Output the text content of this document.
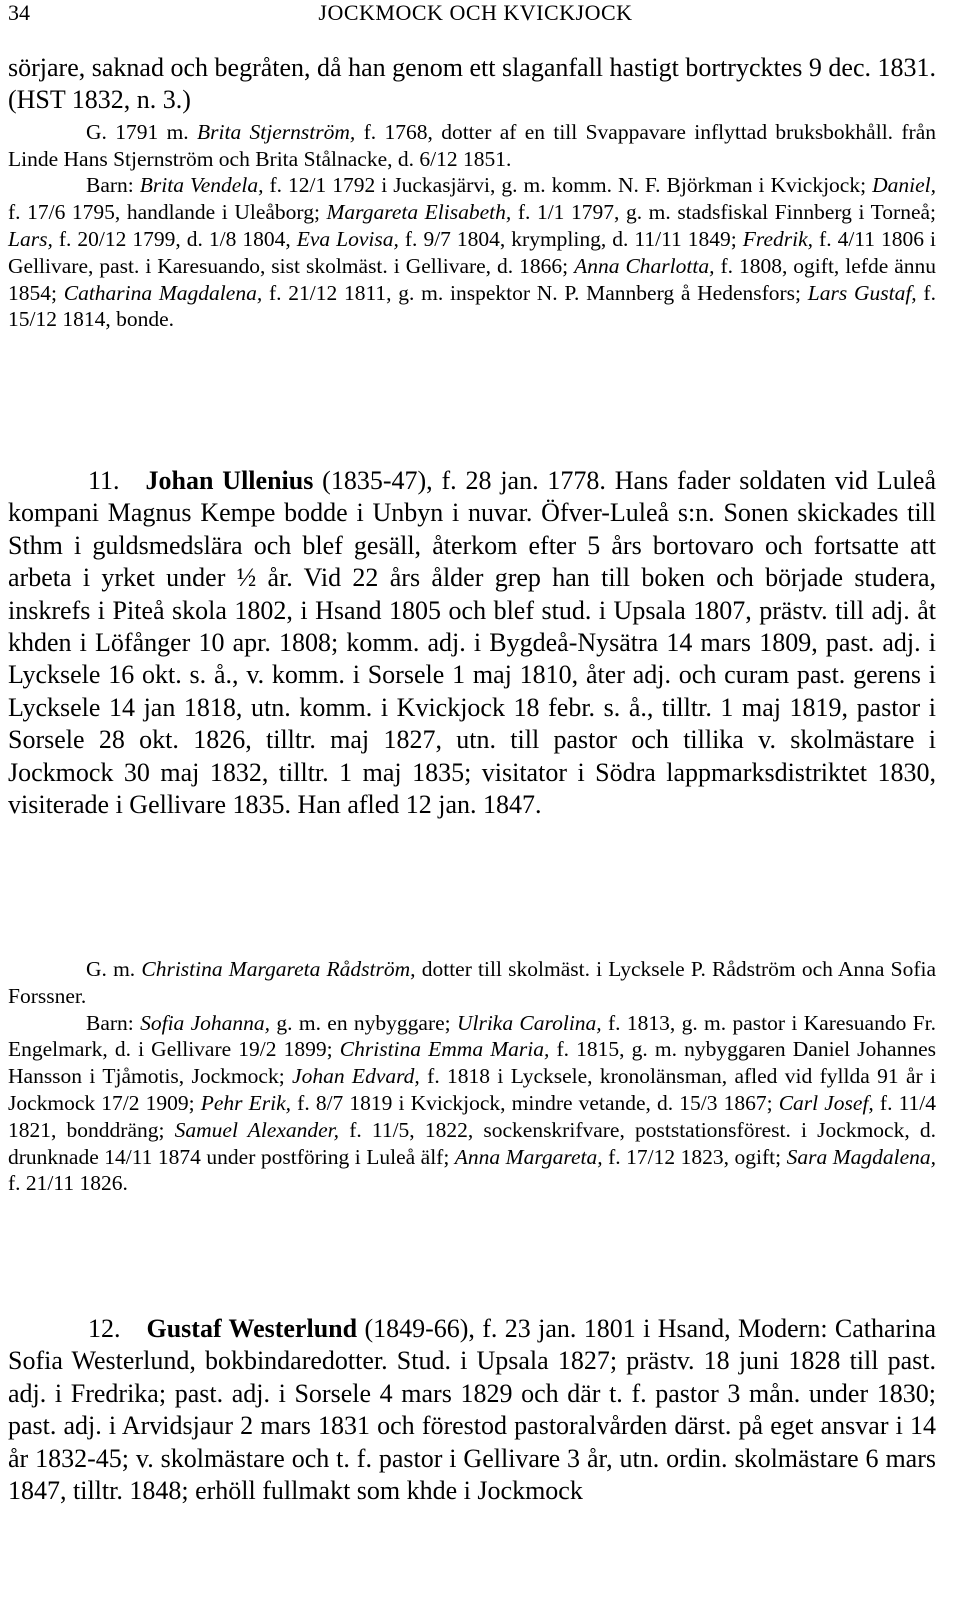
34	JOCKMOCK OCH KVICKJOCK

sörjare, saknad och begråten, då han genom ett slaganfall hastigt bortrycktes 9 dec. 1831. (HST 1832, n. 3.)

G. 1791 m. Brita Stjernström, f. 1768, dotter af en till Svappavare inflyttad bruksbokhåll. från Linde Hans Stjernström och Brita Stålnacke, d. 6/12 1851.

Barn: Brita Vendela, f. 12/1 1792 i Juckasjärvi, g. m. komm. N. F. Björkman i Kvickjock; Daniel, f. 17/6 1795, handlande i Uleåborg; Margareta Elisabeth, f. 1/1 1797, g. m. stadsfiskal Finnberg i Torneå; Lars, f. 20/12 1799, d. 1/8 1804, Eva Lovisa, f. 9/7 1804, krympling, d. 11/11 1849; Fredrik, f. 4/11 1806 i Gellivare, past. i Karesuando, sist skolmäst. i Gellivare, d. 1866; Anna Charlotta, f. 1808, ogift, lefde ännu 1854; Catharina Magdalena, f. 21/12 1811, g. m. inspektor N. P. Mannberg å Hedensfors; Lars Gustaf, f. 15/12 1814, bonde.

11. Johan Ullenius (1835-47), f. 28 jan. 1778. Hans fader soldaten vid Luleå kompani Magnus Kempe bodde i Unbyn i nuvar. Öfver-Luleå s:n. Sonen skickades till Sthm i guldsmedslära och blef gesäll, återkom efter 5 års bortovaro och fortsatte att arbeta i yrket under ½ år. Vid 22 års ålder grep han till boken och började studera, inskrefs i Piteå skola 1802, i Hsand 1805 och blef stud. i Upsala 1807, prästv. till adj. åt khden i Löfånger 10 apr. 1808; komm. adj. i Bygdeå-Nysätra 14 mars 1809, past. adj. i Lycksele 16 okt. s. å., v. komm. i Sorsele 1 maj 1810, åter adj. och curam past. gerens i Lycksele 14 jan 1818, utn. komm. i Kvickjock 18 febr. s. å., tilltr. 1 maj 1819, pastor i Sorsele 28 okt. 1826, tilltr. maj 1827, utn. till pastor och tillika v. skolmästare i Jockmock 30 maj 1832, tilltr. 1 maj 1835; visitator i Södra lappmarksdistriktet 1830, visiterade i Gellivare 1835. Han afled 12 jan. 1847.

G. m. Christina Margareta Rådström, dotter till skolmäst. i Lycksele P. Rådström och Anna Sofia Forssner.

Barn: Sofia Johanna, g. m. en nybyggare; Ulrika Carolina, f. 1813, g. m. pastor i Karesuando Fr. Engelmark, d. i Gellivare 19/2 1899; Christina Emma Maria, f. 1815, g. m. nybyggaren Daniel Johannes Hansson i Tjåmotis, Jockmock; Johan Edvard, f. 1818 i Lycksele, kronolänsman, afled vid fyllda 91 år i Jockmock 17/2 1909; Pehr Erik, f. 8/7 1819 i Kvickjock, mindre vetande, d. 15/3 1867; Carl Josef, f. 11/4 1821, bonddräng; Samuel Alexander, f. 11/5, 1822, sockenskrifvare, poststationsförest. i Jockmock, d. drunknade 14/11 1874 under postföring i Luleå älf; Anna Margareta, f. 17/12 1823, ogift; Sara Magdalena, f. 21/11 1826.

12. Gustaf Westerlund (1849-66), f. 23 jan. 1801 i Hsand, Modern: Catharina Sofia Westerlund, bokbindaredotter. Stud. i Upsala 1827; prästv. 18 juni 1828 till past. adj. i Fredrika; past. adj. i Sorsele 4 mars 1829 och där t. f. pastor 3 mån. under 1830; past. adj. i Arvidsjaur 2 mars 1831 och förestod pastoralvården därst. på eget ansvar i 14 år 1832-45; v. skolmästare och t. f. pastor i Gellivare 3 år, utn. ordin. skolmästare 6 mars 1847, tilltr. 1848; erhöll fullmakt som khde i Jockmock
